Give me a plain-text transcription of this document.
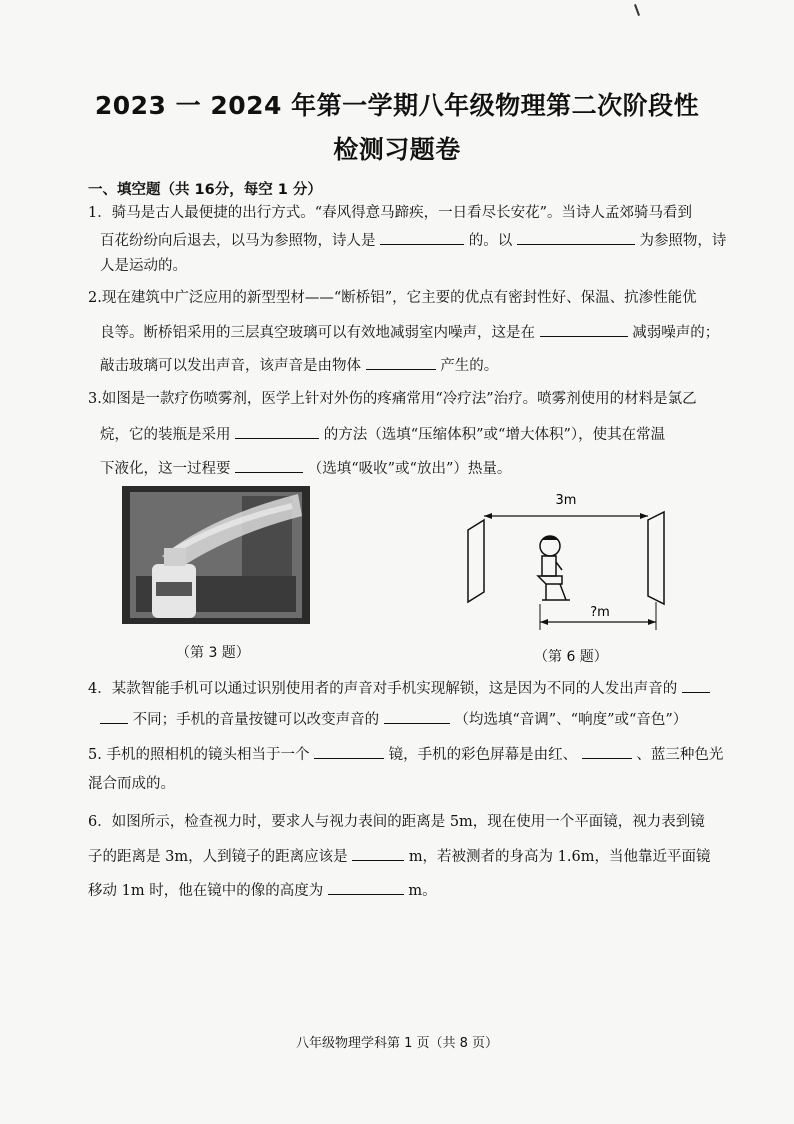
2023 一 2024 年第一学期八年级物理第二次阶段性
检测习题卷
一、填空题（共 16分，每空 1 分）
1．骑马是古人最便捷的出行方式。“春风得意马蹄疾，一日看尽长安花”。当诗人孟郊骑马看到
百花纷纷向后退去，以马为参照物，诗人是	的。以	为参照物，诗
人是运动的。
2.现在建筑中广泛应用的新型型材——“断桥铝”，它主要的优点有密封性好、保温、抗渗性能优
良等。断桥铝采用的三层真空玻璃可以有效地减弱室内噪声，这是在	减弱噪声的；
敲击玻璃可以发出声音，该声音是由物体	产生的。
3.如图是一款疗伤喷雾剂，医学上针对外伤的疼痛常用“冷疗法”治疗。喷雾剂使用的材料是氯乙
烷，它的装瓶是采用	的方法（选填“压缩体积”或“增大体积”），使其在常温
下液化，这一过程要	（选填“吸收”或“放出”）热量。
（第 3 题）
3m
?m
（第 6 题）
4．某款智能手机可以通过识别使用者的声音对手机实现解锁，这是因为不同的人发出声音的
不同；手机的音量按键可以改变声音的	（均选填“音调”、“响度”或“音色”）
5. 手机的照相机的镜头相当于一个	镜，手机的彩色屏幕是由红、	、蓝三种色光
混合而成的。
6．如图所示，检查视力时，要求人与视力表间的距离是 5m，现在使用一个平面镜，视力表到镜
子的距离是 3m，人到镜子的距离应该是	m，若被测者的身高为 1.6m，当他靠近平面镜
移动 1m 时，他在镜中的像的高度为	m。
八年级物理学科第 1 页（共 8 页）
